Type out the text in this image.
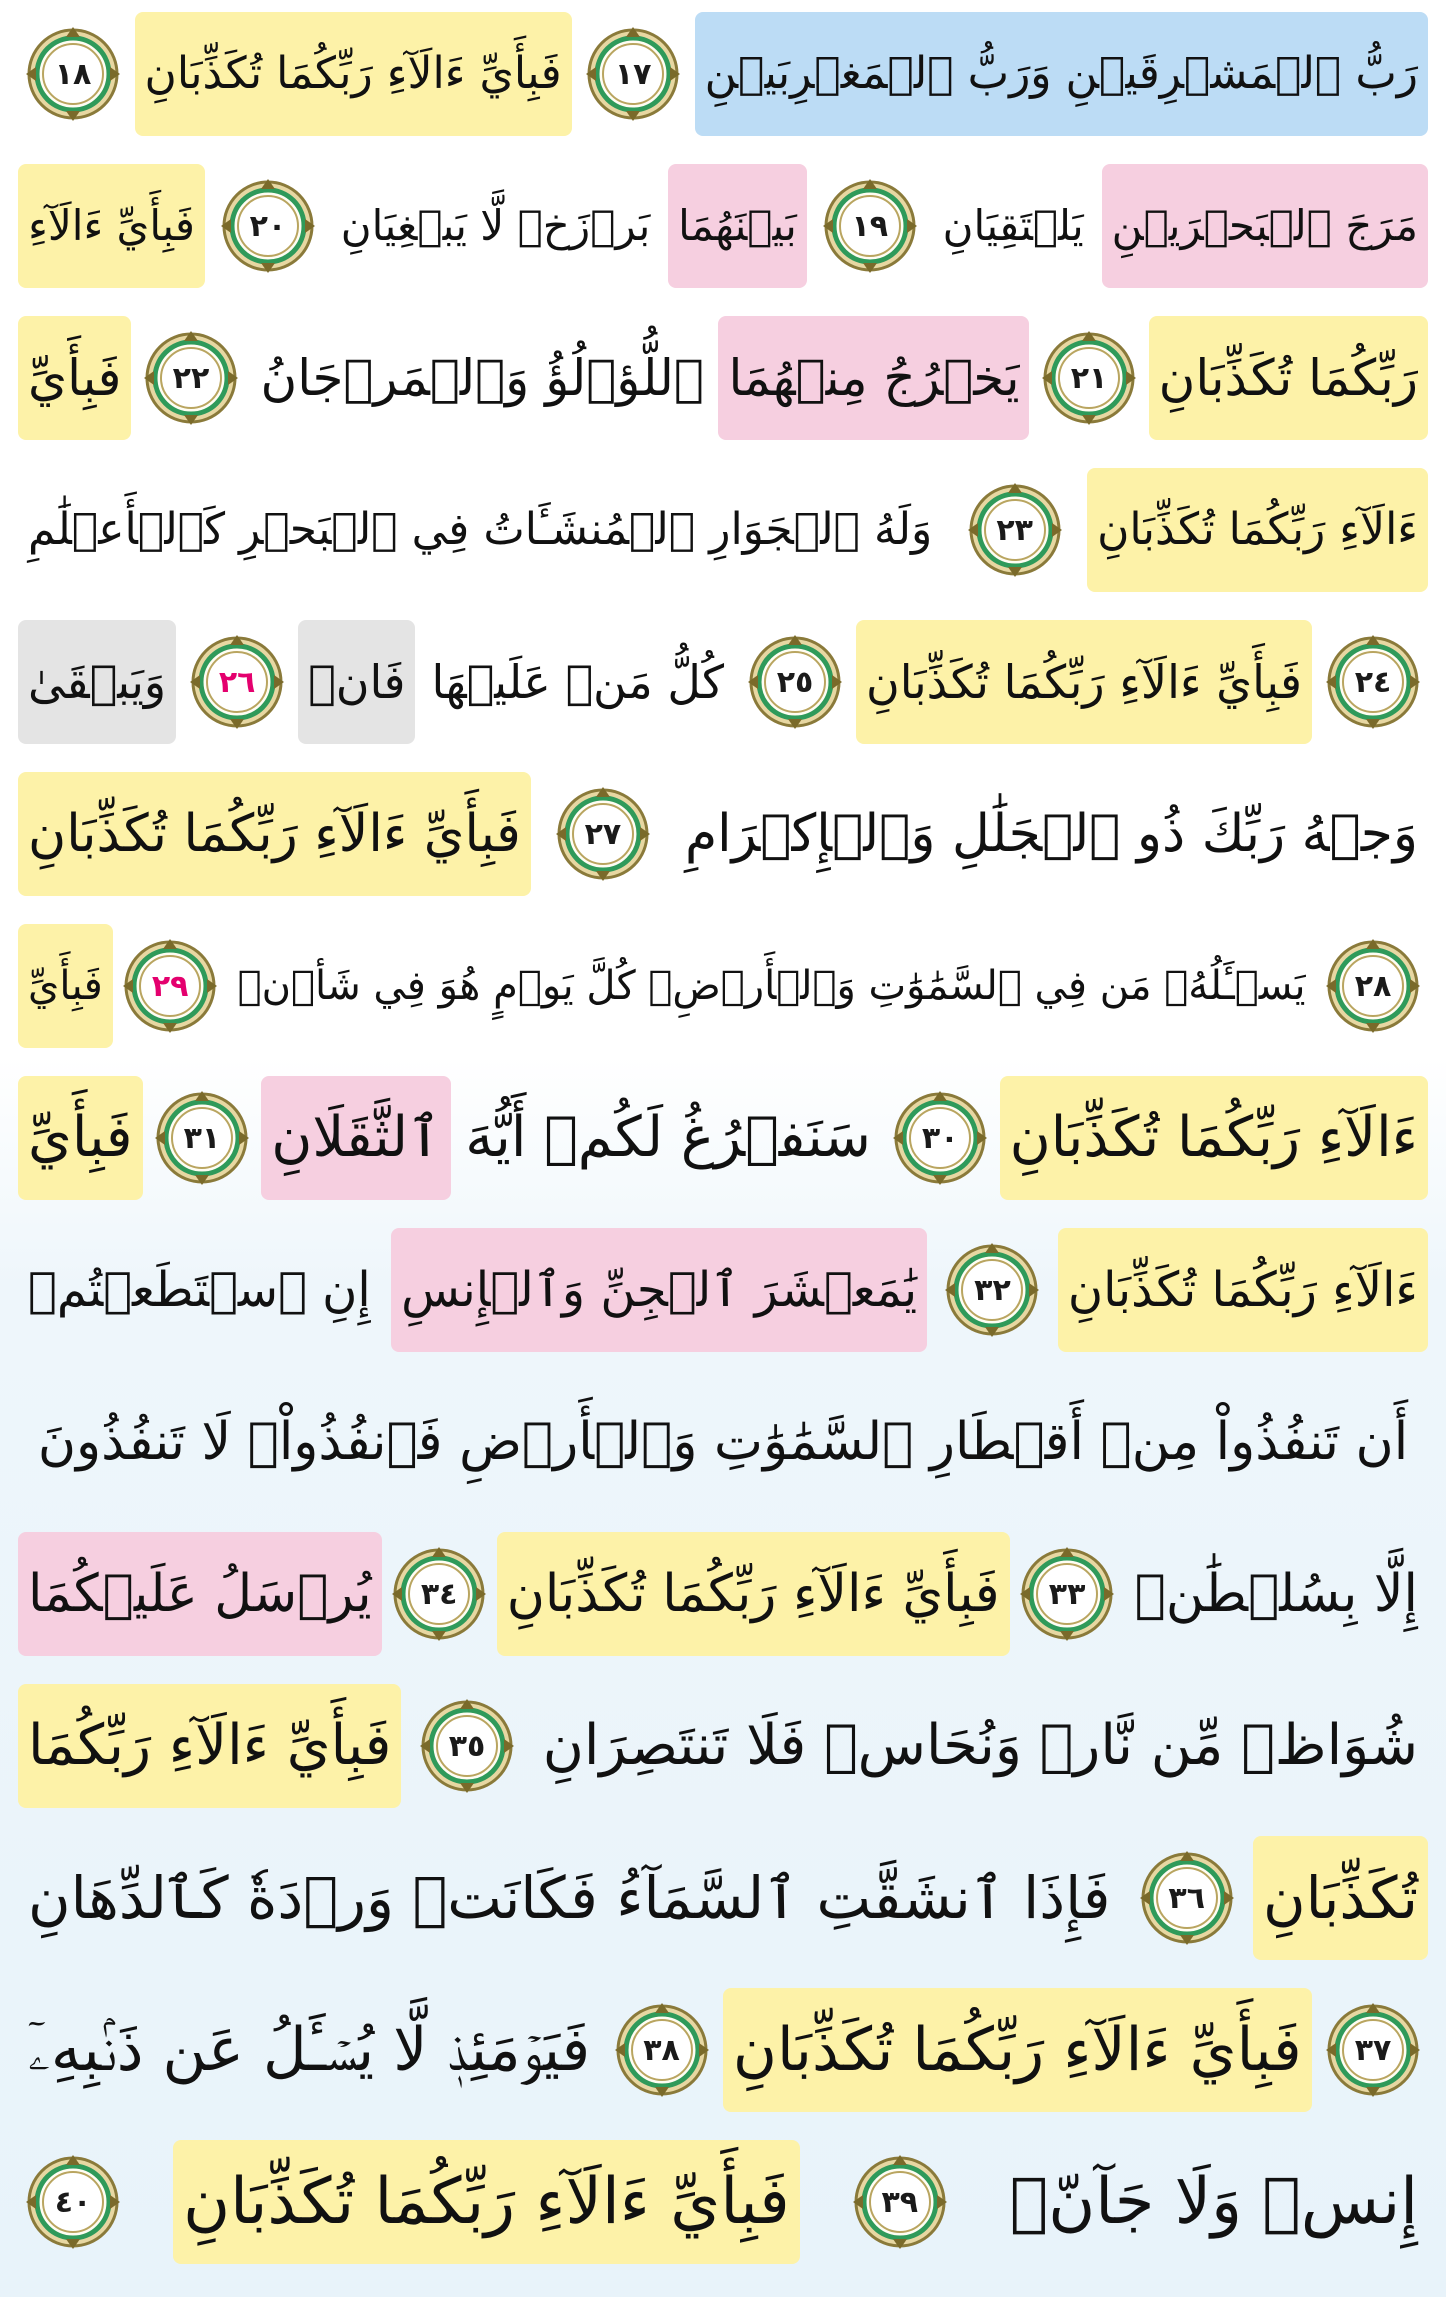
رَبُّ ٱلۡمَشۡرِقَيۡنِ وَرَبُّ ٱلۡمَغۡرِبَيۡنِ
١٧
فَبِأَيِّ ءَالَآءِ رَبِّكُمَا تُكَذِّبَانِ
١٨
مَرَجَ ٱلۡبَحۡرَيۡنِ
يَلۡتَقِيَانِ
١٩
بَيۡنَهُمَا
بَرۡزَخٞ لَّا يَبۡغِيَانِ
٢٠
فَبِأَيِّ ءَالَآءِ
رَبِّكُمَا تُكَذِّبَانِ
٢١
يَخۡرُجُ مِنۡهُمَا
ٱللُّؤۡلُؤُ وَٱلۡمَرۡجَانُ
٢٢
فَبِأَيِّ
ءَالَآءِ رَبِّكُمَا تُكَذِّبَانِ
٢٣
وَلَهُ ٱلۡجَوَارِ ٱلۡمُنشَـَٔاتُ فِي ٱلۡبَحۡرِ كَٱلۡأَعۡلَٰمِ
٢٤
فَبِأَيِّ ءَالَآءِ رَبِّكُمَا تُكَذِّبَانِ
٢٥
كُلُّ مَنۡ عَلَيۡهَا
فَانٖ
٢٦
وَيَبۡقَىٰ
وَجۡهُ رَبِّكَ ذُو ٱلۡجَلَٰلِ وَٱلۡإِكۡرَامِ
٢٧
فَبِأَيِّ ءَالَآءِ رَبِّكُمَا تُكَذِّبَانِ
٢٨
يَسۡـَٔلُهُۥ مَن فِي ٱلسَّمَٰوَٰتِ وَٱلۡأَرۡضِۚ كُلَّ يَوۡمٍ هُوَ فِي شَأۡنٖ
٢٩
فَبِأَيِّ
ءَالَآءِ رَبِّكُمَا تُكَذِّبَانِ
٣٠
سَنَفۡرُغُ لَكُمۡ أَيُّهَ
ٱلثَّقَلَانِ
٣١
فَبِأَيِّ
ءَالَآءِ رَبِّكُمَا تُكَذِّبَانِ
٣٢
يَٰمَعۡشَرَ ٱلۡجِنِّ وَٱلۡإِنسِ
إِنِ ٱسۡتَطَعۡتُمۡ
أَن تَنفُذُواْ مِنۡ أَقۡطَارِ ٱلسَّمَٰوَٰتِ وَٱلۡأَرۡضِ فَٱنفُذُواْۚ لَا تَنفُذُونَ
إِلَّا بِسُلۡطَٰنٖ
٣٣
فَبِأَيِّ ءَالَآءِ رَبِّكُمَا تُكَذِّبَانِ
٣٤
يُرۡسَلُ عَلَيۡكُمَا
شُوَاظٞ مِّن نَّارٖ وَنُحَاسٞ فَلَا تَنتَصِرَانِ
٣٥
فَبِأَيِّ ءَالَآءِ رَبِّكُمَا
تُكَذِّبَانِ
٣٦
فَإِذَا ٱنشَقَّتِ ٱلسَّمَآءُ فَكَانَتۡ وَرۡدَةٗ كَٱلدِّهَانِ
٣٧
فَبِأَيِّ ءَالَآءِ رَبِّكُمَا تُكَذِّبَانِ
٣٨
فَيَوۡمَئِذٖ لَّا يُسۡـَٔلُ عَن ذَنۢبِهِۦٓ
إِنسٞ وَلَا جَآنّٞ
٣٩
فَبِأَيِّ ءَالَآءِ رَبِّكُمَا تُكَذِّبَانِ
٤٠
